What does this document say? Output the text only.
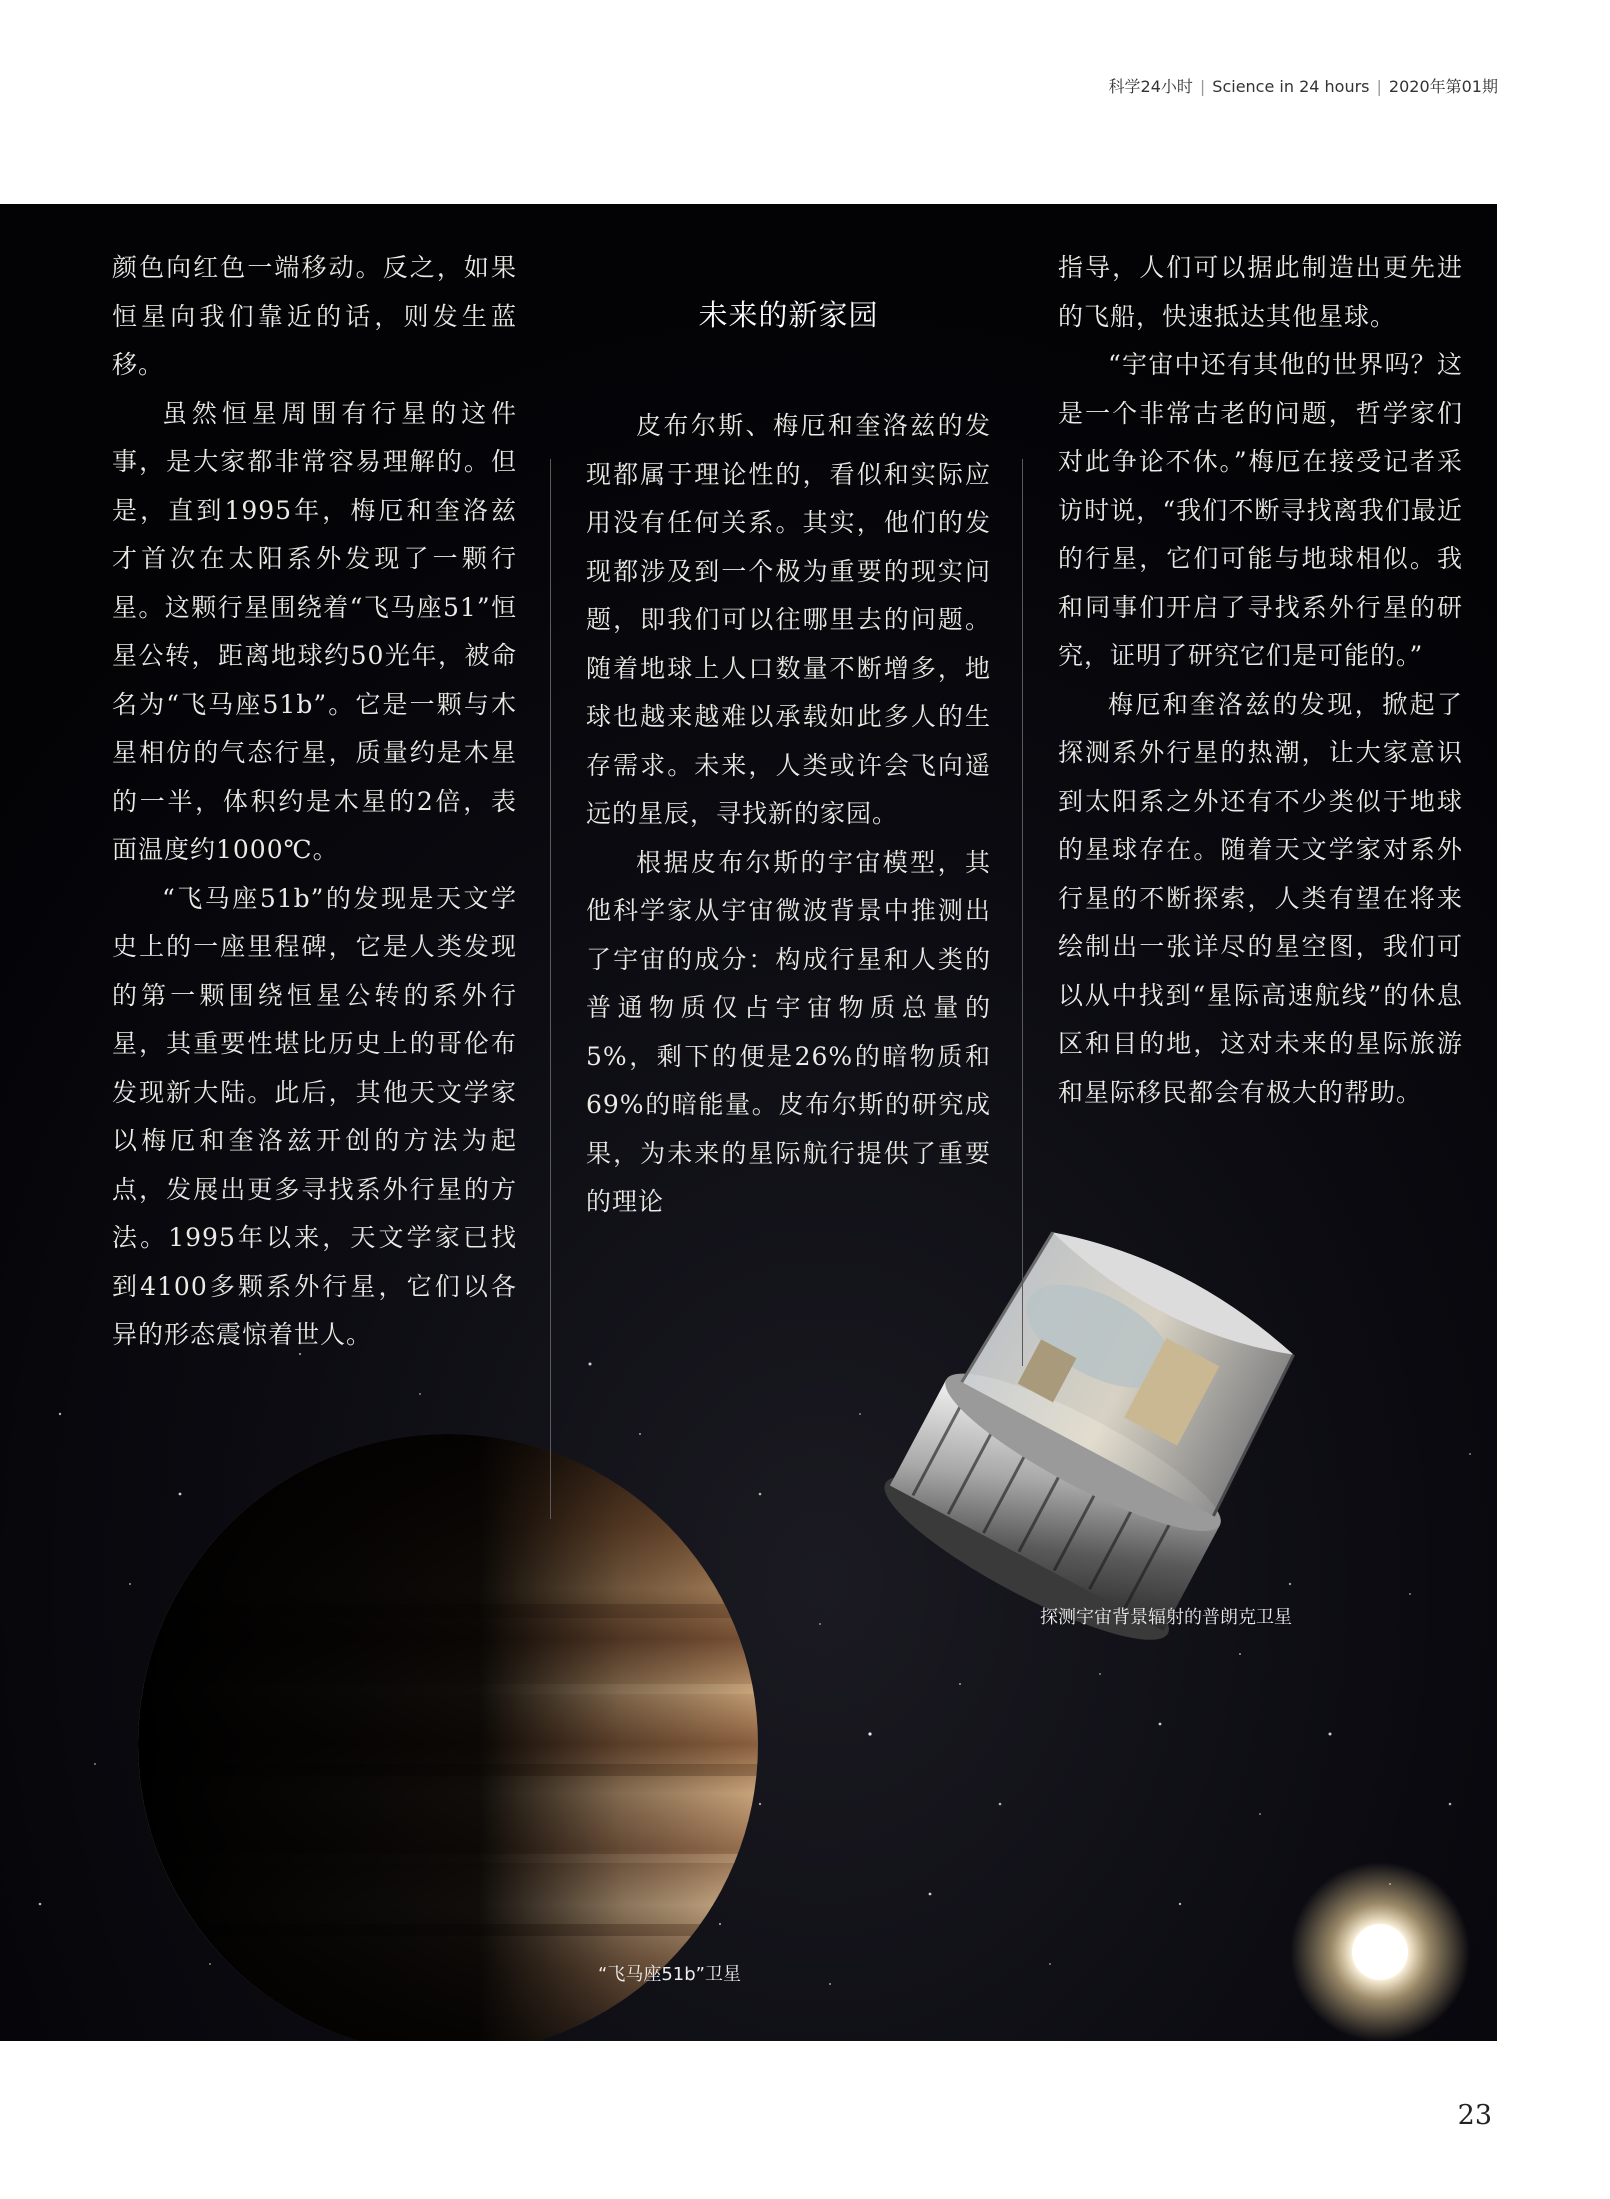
科学24小时 | Science in 24 hours | 2020年第01期

颜色向红色一端移动。反之，如果恒星向我们靠近的话，则发生蓝移。

虽然恒星周围有行星的这件事，是大家都非常容易理解的。但是，直到1995年，梅厄和奎洛兹才首次在太阳系外发现了一颗行星。这颗行星围绕着“飞马座51”恒星公转，距离地球约50光年，被命名为“飞马座51b”。它是一颗与木星相仿的气态行星，质量约是木星的一半，体积约是木星的2倍，表面温度约1000℃。

“飞马座51b”的发现是天文学史上的一座里程碑，它是人类发现的第一颗围绕恒星公转的系外行星，其重要性堪比历史上的哥伦布发现新大陆。此后，其他天文学家以梅厄和奎洛兹开创的方法为起点，发展出更多寻找系外行星的方法。1995年以来，天文学家已找到4100多颗系外行星，它们以各异的形态震惊着世人。

未来的新家园

皮布尔斯、梅厄和奎洛兹的发现都属于理论性的，看似和实际应用没有任何关系。其实，他们的发现都涉及到一个极为重要的现实问题，即我们可以往哪里去的问题。随着地球上人口数量不断增多，地球也越来越难以承载如此多人的生存需求。未来，人类或许会飞向遥远的星辰，寻找新的家园。

根据皮布尔斯的宇宙模型，其他科学家从宇宙微波背景中推测出了宇宙的成分：构成行星和人类的普通物质仅占宇宙物质总量的5%，剩下的便是26%的暗物质和69%的暗能量。皮布尔斯的研究成果，为未来的星际航行提供了重要的理论

指导，人们可以据此制造出更先进的飞船，快速抵达其他星球。

“宇宙中还有其他的世界吗？这是一个非常古老的问题，哲学家们对此争论不休。”梅厄在接受记者采访时说，“我们不断寻找离我们最近的行星，它们可能与地球相似。我和同事们开启了寻找系外行星的研究，证明了研究它们是可能的。”

梅厄和奎洛兹的发现，掀起了探测系外行星的热潮，让大家意识到太阳系之外还有不少类似于地球的星球存在。随着天文学家对系外行星的不断探索，人类有望在将来绘制出一张详尽的星空图，我们可以从中找到“星际高速航线”的休息区和目的地，这对未来的星际旅游和星际移民都会有极大的帮助。

探测宇宙背景辐射的普朗克卫星
“飞马座51b”卫星
23
